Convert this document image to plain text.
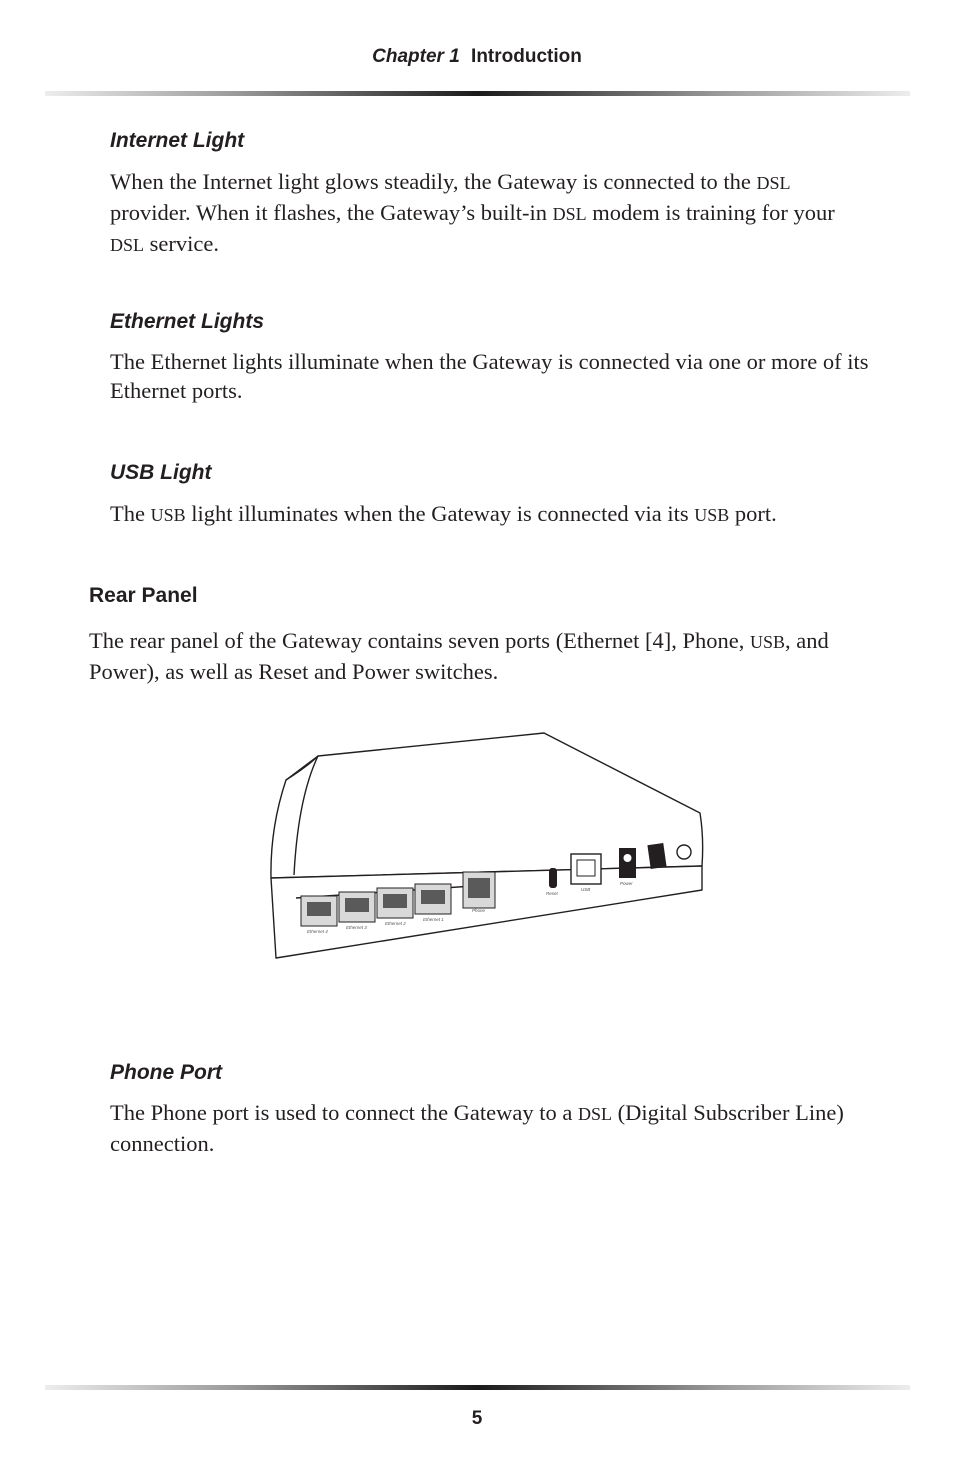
Chapter 1 Introduction
Internet Light

When the Internet light glows steadily, the Gateway is connected to the DSL provider. When it flashes, the Gateway’s built-in DSL modem is training for your DSL service.

Ethernet Lights

The Ethernet lights illuminate when the Gateway is connected via one or more of its Ethernet ports.

USB Light

The USB light illuminates when the Gateway is connected via its USB port.

Rear Panel

The rear panel of the Gateway contains seven ports (Ethernet [4], Phone, USB, and Power), as well as Reset and Power switches.

Ethernet 4
Ethernet 3
Ethernet 2
Ethernet 1
Phone
Reset
USB
Power
Phone Port

The Phone port is used to connect the Gateway to a DSL (Digital Subscriber Line) connection.

5
